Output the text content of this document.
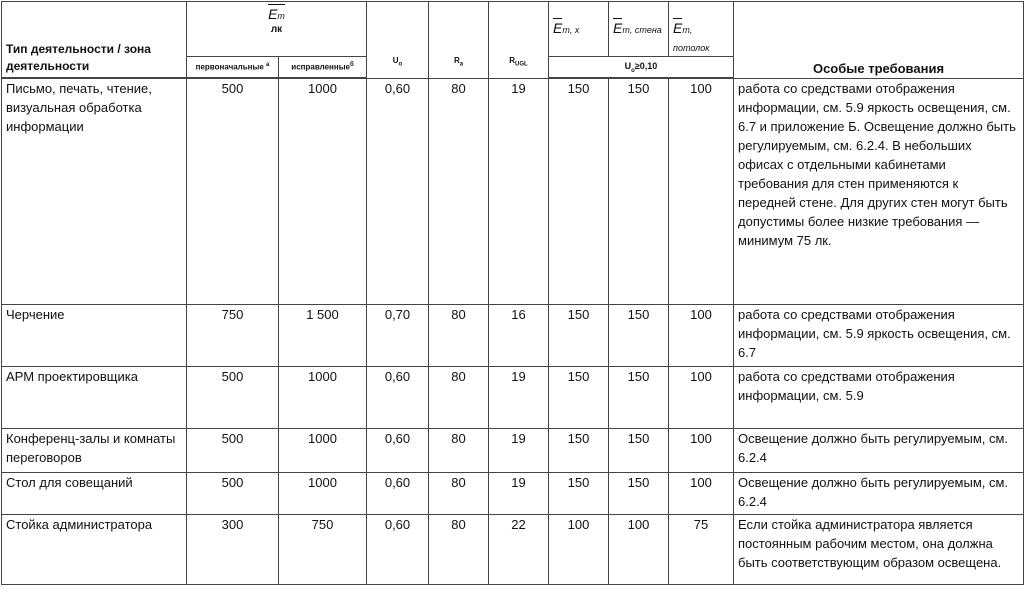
Тип деятельности / зона деятельности	Em
лк		$U_o$	$R_a$	$R_{UGL}$	Em, x	Em, стена	Em, потолок	Особые требования
	первоначальные $^a$	исправленные$^б$				$U_o\ge 0,10$			

Письмо, печать, чтение, визуальная обработка информации	500	1000	0,60	80	19	150	150	100	работа со средствами отображения информации, см. 5.9 яркость освещения, см. 6.7 и приложение Б. Освещение должно быть регулируемым, см. 6.2.4. В небольших офисах с отдельными кабинетами требования для стен применяются к передней стене. Для других стен могут быть допустимы более низкие требования — минимум 75 лк.
Черчение	750	1 500	0,70	80	16	150	150	100	работа со средствами отображения информации, см. 5.9 яркость освещения, см. 6.7
АРМ проектировщика	500	1000	0,60	80	19	150	150	100	работа со средствами отображения информации, см. 5.9
Конференц-залы и комнаты переговоров	500	1000	0,60	80	19	150	150	100	Освещение должно быть регулируемым, см. 6.2.4
Стол для совещаний	500	1000	0,60	80	19	150	150	100	Освещение должно быть регулируемым, см. 6.2.4
Стойка администратора	300	750	0,60	80	22	100	100	75	Если стойка администратора является постоянным рабочим местом, она должна быть соответствующим образом освещена.
